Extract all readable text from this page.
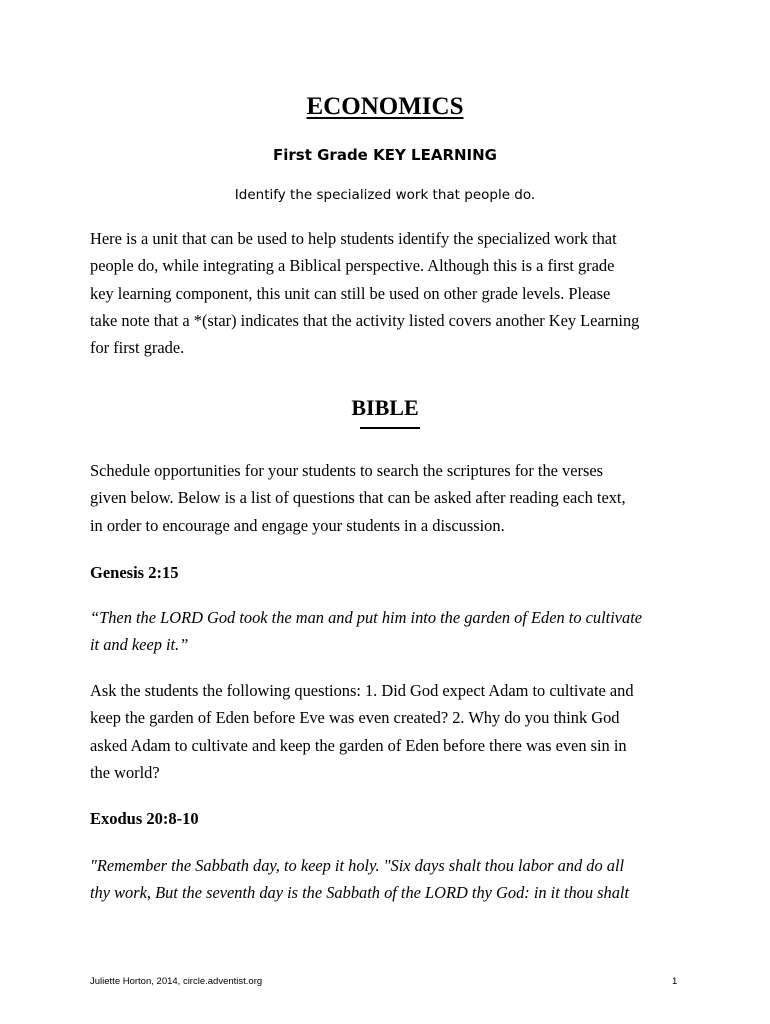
ECONOMICS
First Grade KEY LEARNING
Identify the specialized work that people do.
Here is a unit that can be used to help students identify the specialized work that
people do, while integrating a Biblical perspective. Although this is a first grade
key learning component, this unit can still be used on other grade levels. Please
take note that a *(star) indicates that the activity listed covers another Key Learning
for first grade.
BIBLE
Schedule opportunities for your students to search the scriptures for the verses
given below. Below is a list of questions that can be asked after reading each text,
in order to encourage and engage your students in a discussion.
Genesis 2:15
“Then the LORD God took the man and put him into the garden of Eden to cultivate
it and keep it.”
Ask the students the following questions: 1. Did God expect Adam to cultivate and
keep the garden of Eden before Eve was even created? 2. Why do you think God
asked Adam to cultivate and keep the garden of Eden before there was even sin in
the world?
Exodus 20:8-10
"Remember the Sabbath day, to keep it holy. "Six days shalt thou labor and do all
thy work, But the seventh day is the Sabbath of the LORD thy God: in it thou shalt
Juliette Horton, 2014, circle.adventist.org	1
